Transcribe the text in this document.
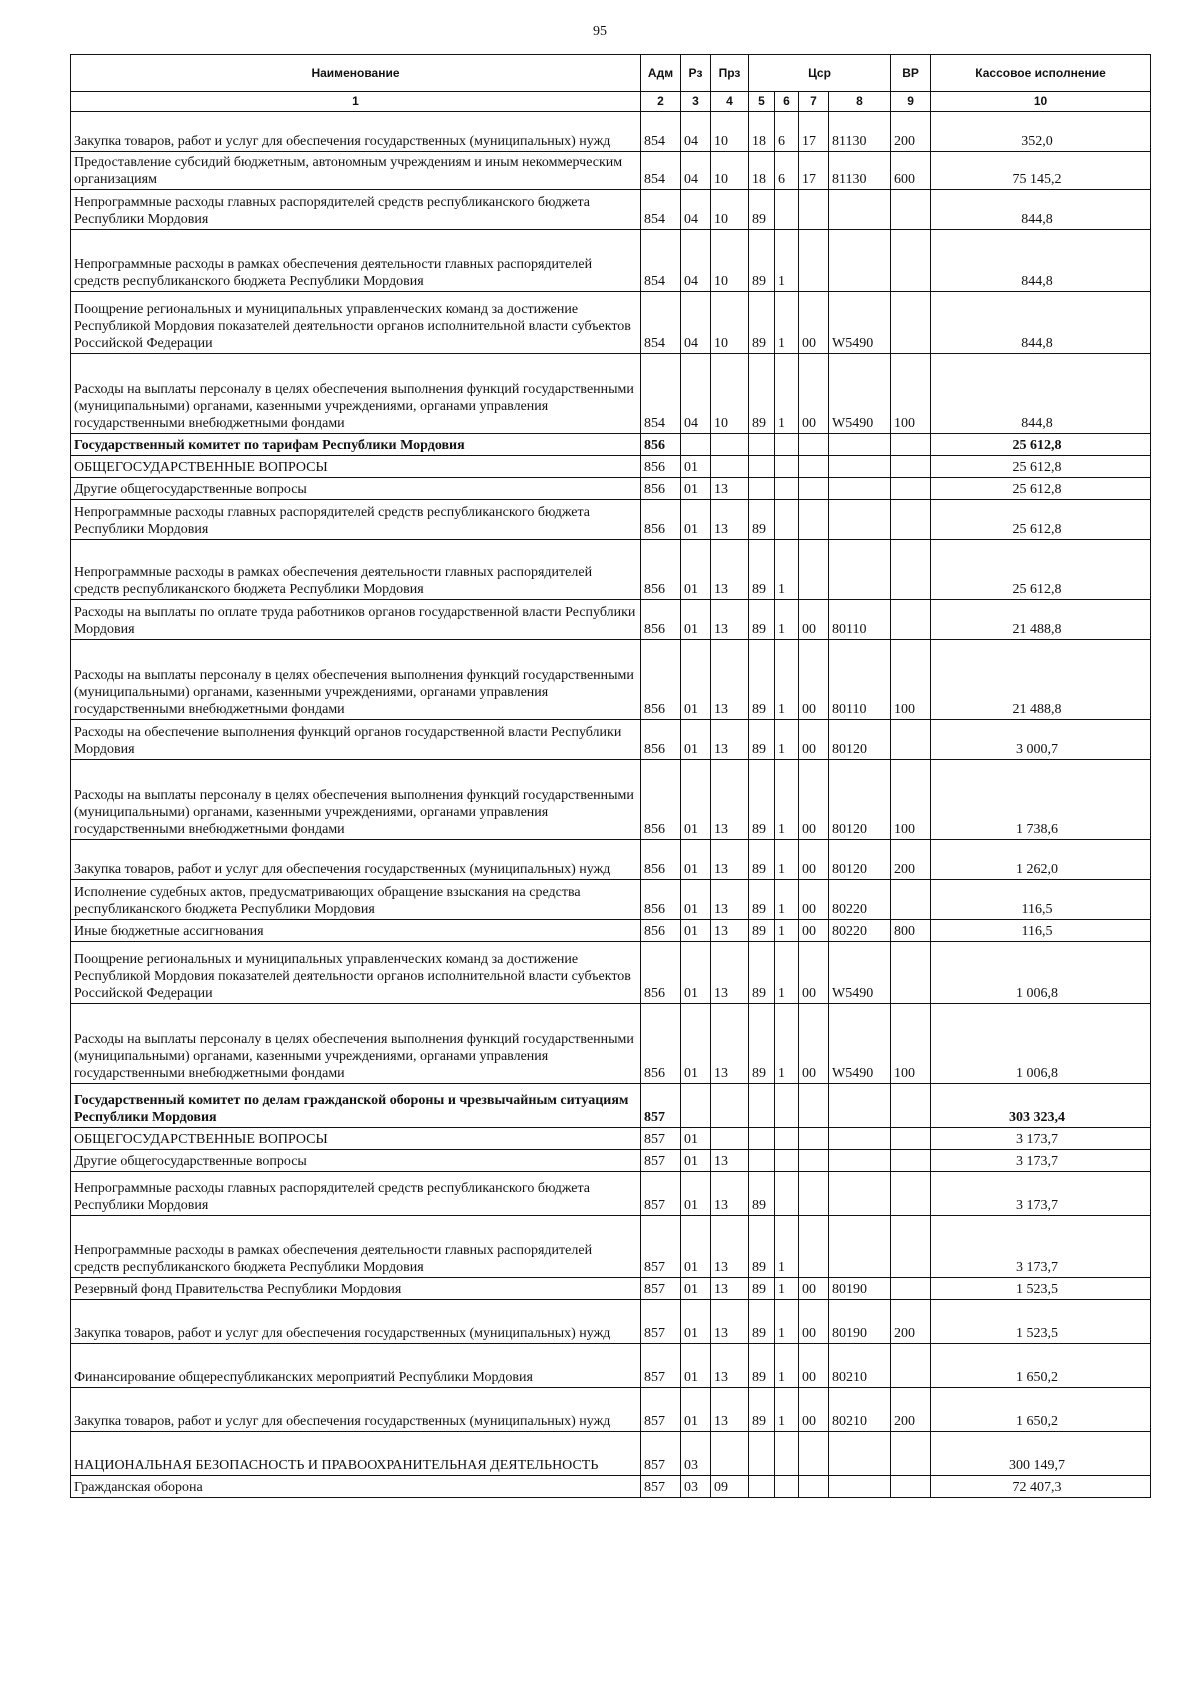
95
Наименование	Адм	Рз	Прз	Цср				ВР	Кассовое исполнение
1	2	3	4	5	6	7	8	9	10
Закупка товаров, работ и услуг для обеспечения государственных (муниципальных) нужд	854	04	10	18	6	17	81130	200	352,0
Предоставление субсидий бюджетным, автономным учреждениям и иным некоммерческим организациям	854	04	10	18	6	17	81130	600	75 145,2
Непрограммные расходы главных распорядителей средств республиканского бюджета Республики Мордовия	854	04	10	89					844,8
Непрограммные расходы в рамках обеспечения деятельности главных распорядителей средств республиканского бюджета Республики Мордовия	854	04	10	89	1				844,8
Поощрение региональных и муниципальных управленческих команд за достижение Республикой Мордовия показателей деятельности органов исполнительной власти субъектов Российской Федерации	854	04	10	89	1	00	W5490		844,8
Расходы на выплаты персоналу в целях обеспечения выполнения функций государственными (муниципальными) органами, казенными учреждениями, органами управления государственными внебюджетными фондами	854	04	10	89	1	00	W5490	100	844,8
Государственный комитет по тарифам Республики Мордовия	856								25 612,8
ОБЩЕГОСУДАРСТВЕННЫЕ ВОПРОСЫ	856	01							25 612,8
Другие общегосударственные вопросы	856	01	13						25 612,8
Непрограммные расходы главных распорядителей средств республиканского бюджета Республики Мордовия	856	01	13	89					25 612,8
Непрограммные расходы в рамках обеспечения деятельности главных распорядителей средств республиканского бюджета Республики Мордовия	856	01	13	89	1				25 612,8
Расходы на выплаты по оплате труда работников органов государственной власти Республики Мордовия	856	01	13	89	1	00	80110		21 488,8
Расходы на выплаты персоналу в целях обеспечения выполнения функций государственными (муниципальными) органами, казенными учреждениями, органами управления государственными внебюджетными фондами	856	01	13	89	1	00	80110	100	21 488,8
Расходы на обеспечение выполнения функций органов государственной власти Республики Мордовия	856	01	13	89	1	00	80120		3 000,7
Расходы на выплаты персоналу в целях обеспечения выполнения функций государственными (муниципальными) органами, казенными учреждениями, органами управления государственными внебюджетными фондами	856	01	13	89	1	00	80120	100	1 738,6
Закупка товаров, работ и услуг для обеспечения государственных (муниципальных) нужд	856	01	13	89	1	00	80120	200	1 262,0
Исполнение судебных актов, предусматривающих обращение взыскания на средства республиканского бюджета Республики Мордовия	856	01	13	89	1	00	80220		116,5
Иные бюджетные ассигнования	856	01	13	89	1	00	80220	800	116,5
Поощрение региональных и муниципальных управленческих команд за достижение Республикой Мордовия показателей деятельности органов исполнительной власти субъектов Российской Федерации	856	01	13	89	1	00	W5490		1 006,8
Расходы на выплаты персоналу в целях обеспечения выполнения функций государственными (муниципальными) органами, казенными учреждениями, органами управления государственными внебюджетными фондами	856	01	13	89	1	00	W5490	100	1 006,8
Государственный комитет по делам гражданской обороны и чрезвычайным ситуациям Республики Мордовия	857								303 323,4
ОБЩЕГОСУДАРСТВЕННЫЕ ВОПРОСЫ	857	01							3 173,7
Другие общегосударственные вопросы	857	01	13						3 173,7
Непрограммные расходы главных распорядителей средств республиканского бюджета Республики Мордовия	857	01	13	89					3 173,7
Непрограммные расходы в рамках обеспечения деятельности главных распорядителей средств республиканского бюджета Республики Мордовия	857	01	13	89	1				3 173,7
Резервный фонд Правительства Республики Мордовия	857	01	13	89	1	00	80190		1 523,5
Закупка товаров, работ и услуг для обеспечения государственных (муниципальных) нужд	857	01	13	89	1	00	80190	200	1 523,5
Финансирование общереспубликанских мероприятий Республики Мордовия	857	01	13	89	1	00	80210		1 650,2
Закупка товаров, работ и услуг для обеспечения государственных (муниципальных) нужд	857	01	13	89	1	00	80210	200	1 650,2
НАЦИОНАЛЬНАЯ БЕЗОПАСНОСТЬ И ПРАВООХРАНИТЕЛЬНАЯ ДЕЯТЕЛЬНОСТЬ	857	03							300 149,7
Гражданская оборона	857	03	09						72 407,3
